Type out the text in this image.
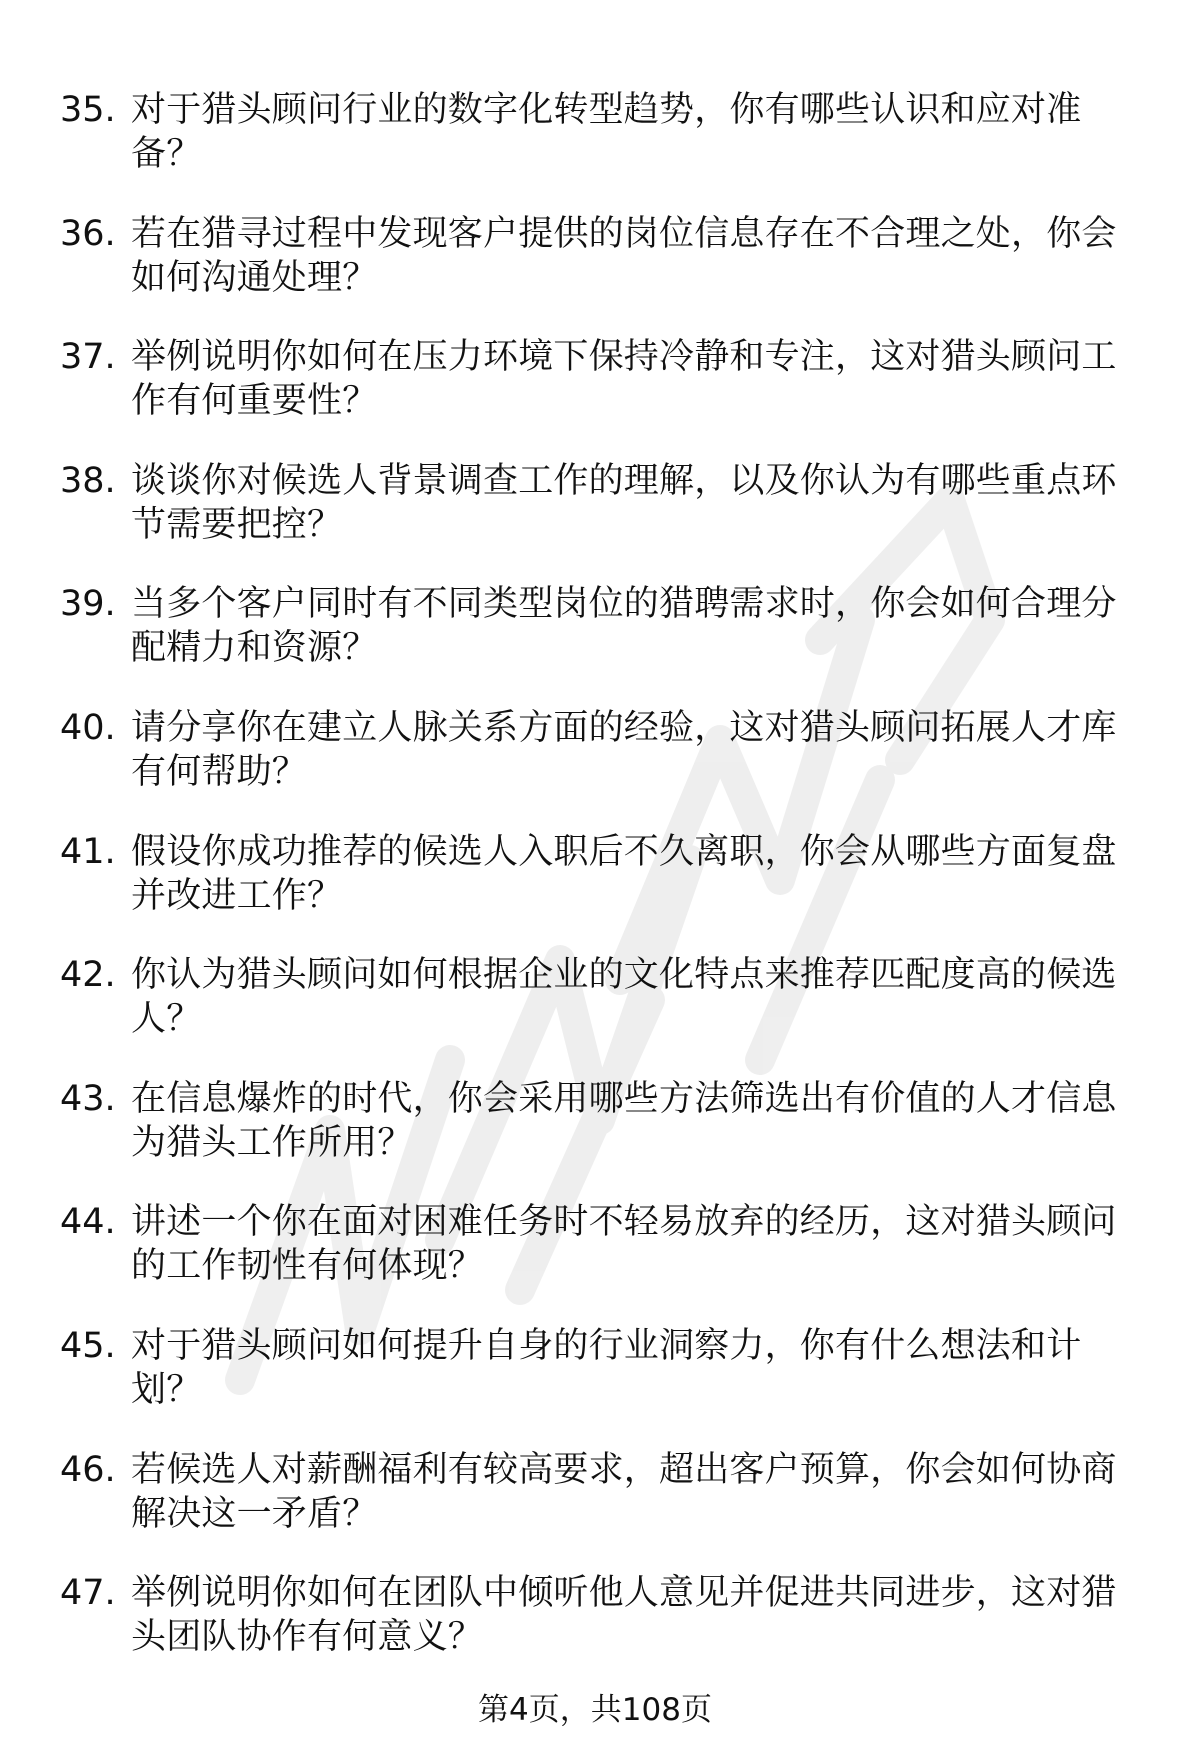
35. 对于猎头顾问行业的数字化转型趋势，你有哪些认识和应对准备？
36. 若在猎寻过程中发现客户提供的岗位信息存在不合理之处，你会如何沟通处理？
37. 举例说明你如何在压力环境下保持冷静和专注，这对猎头顾问工作有何重要性？
38. 谈谈你对候选人背景调查工作的理解，以及你认为有哪些重点环节需要把控？
39. 当多个客户同时有不同类型岗位的猎聘需求时，你会如何合理分配精力和资源？
40. 请分享你在建立人脉关系方面的经验，这对猎头顾问拓展人才库有何帮助？
41. 假设你成功推荐的候选人入职后不久离职，你会从哪些方面复盘并改进工作？
42. 你认为猎头顾问如何根据企业的文化特点来推荐匹配度高的候选人？
43. 在信息爆炸的时代，你会采用哪些方法筛选出有价值的人才信息为猎头工作所用？
44. 讲述一个你在面对困难任务时不轻易放弃的经历，这对猎头顾问的工作韧性有何体现？
45. 对于猎头顾问如何提升自身的行业洞察力，你有什么想法和计划？
46. 若候选人对薪酬福利有较高要求，超出客户预算，你会如何协商解决这一矛盾？
47. 举例说明你如何在团队中倾听他人意见并促进共同进步，这对猎头团队协作有何意义？
第4页，共108页
